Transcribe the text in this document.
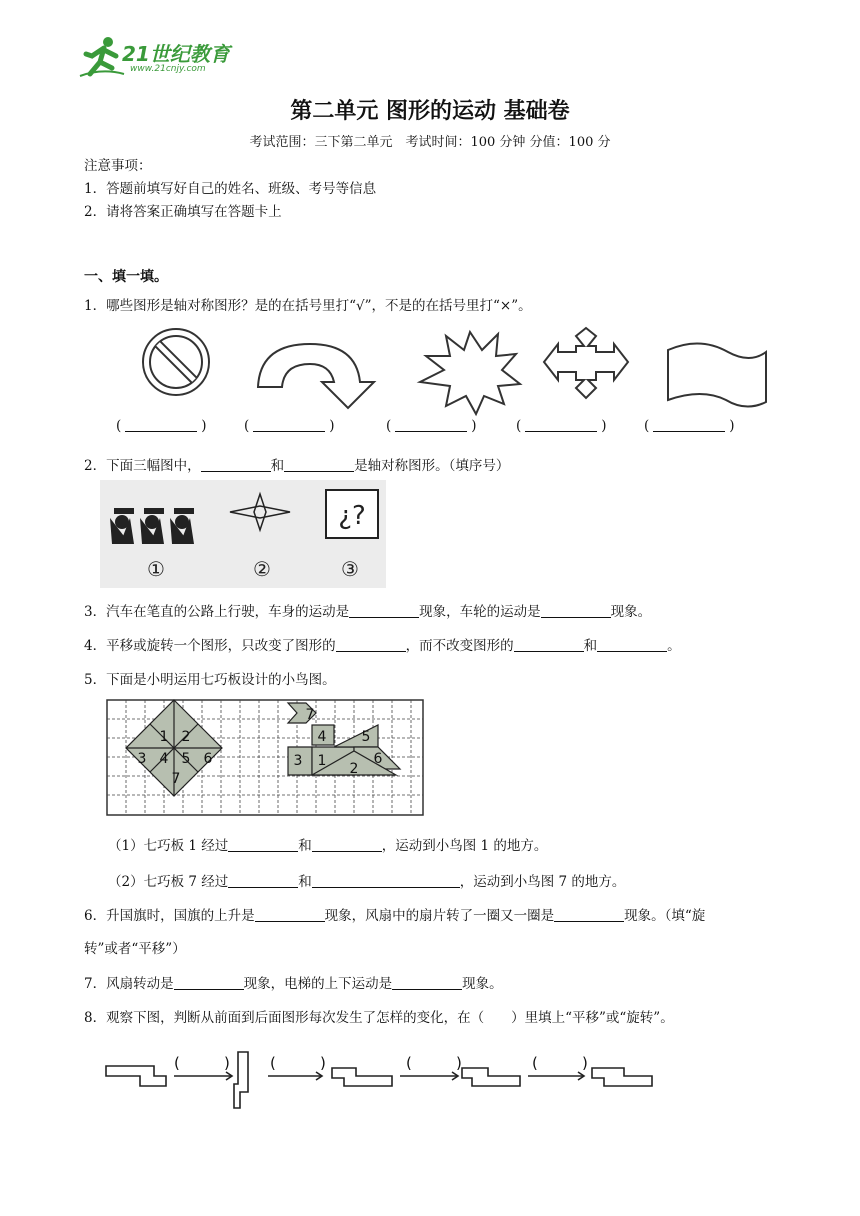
21世纪教育
www.21cnjy.com
第二单元 图形的运动 基础卷
考试范围：三下第二单元　考试时间：100 分钟 分值：100 分
注意事项：
1．答题前填写好自己的姓名、班级、考号等信息
2．请将答案正确填写在答题卡上
一、填一填。
1．哪些图形是轴对称图形？是的在括号里打“√”，不是的在括号里打“×”。
(	)	(	)	(	)	(	)	(	)
2．下面三幅图中，	和	是轴对称图形。（填序号）
¿?
①	②	③
3．汽车在笔直的公路上行驶，车身的运动是	现象，车轮的运动是	现象。
4．平移或旋转一个图形，只改变了图形的	，而不改变图形的	和	。
5．下面是小明运用七巧板设计的小鸟图。
1 2
3 4 5 6
7
7
4	5
3 1	6
2
（1）七巧板 1 经过	和	，运动到小鸟图 1 的地方。
（2）七巧板 7 经过	和	，运动到小鸟图 7 的地方。
6．升国旗时，国旗的上升是	现象，风扇中的扇片转了一圈又一圈是	现象。（填“旋
转”或者“平移”）
7．风扇转动是	现象，电梯的上下运动是	现象。
8．观察下图，判断从前面到后面图形每次发生了怎样的变化，在（　　）里填上“平移”或“旋转”。
(	)	(	)	(	)	(	)
